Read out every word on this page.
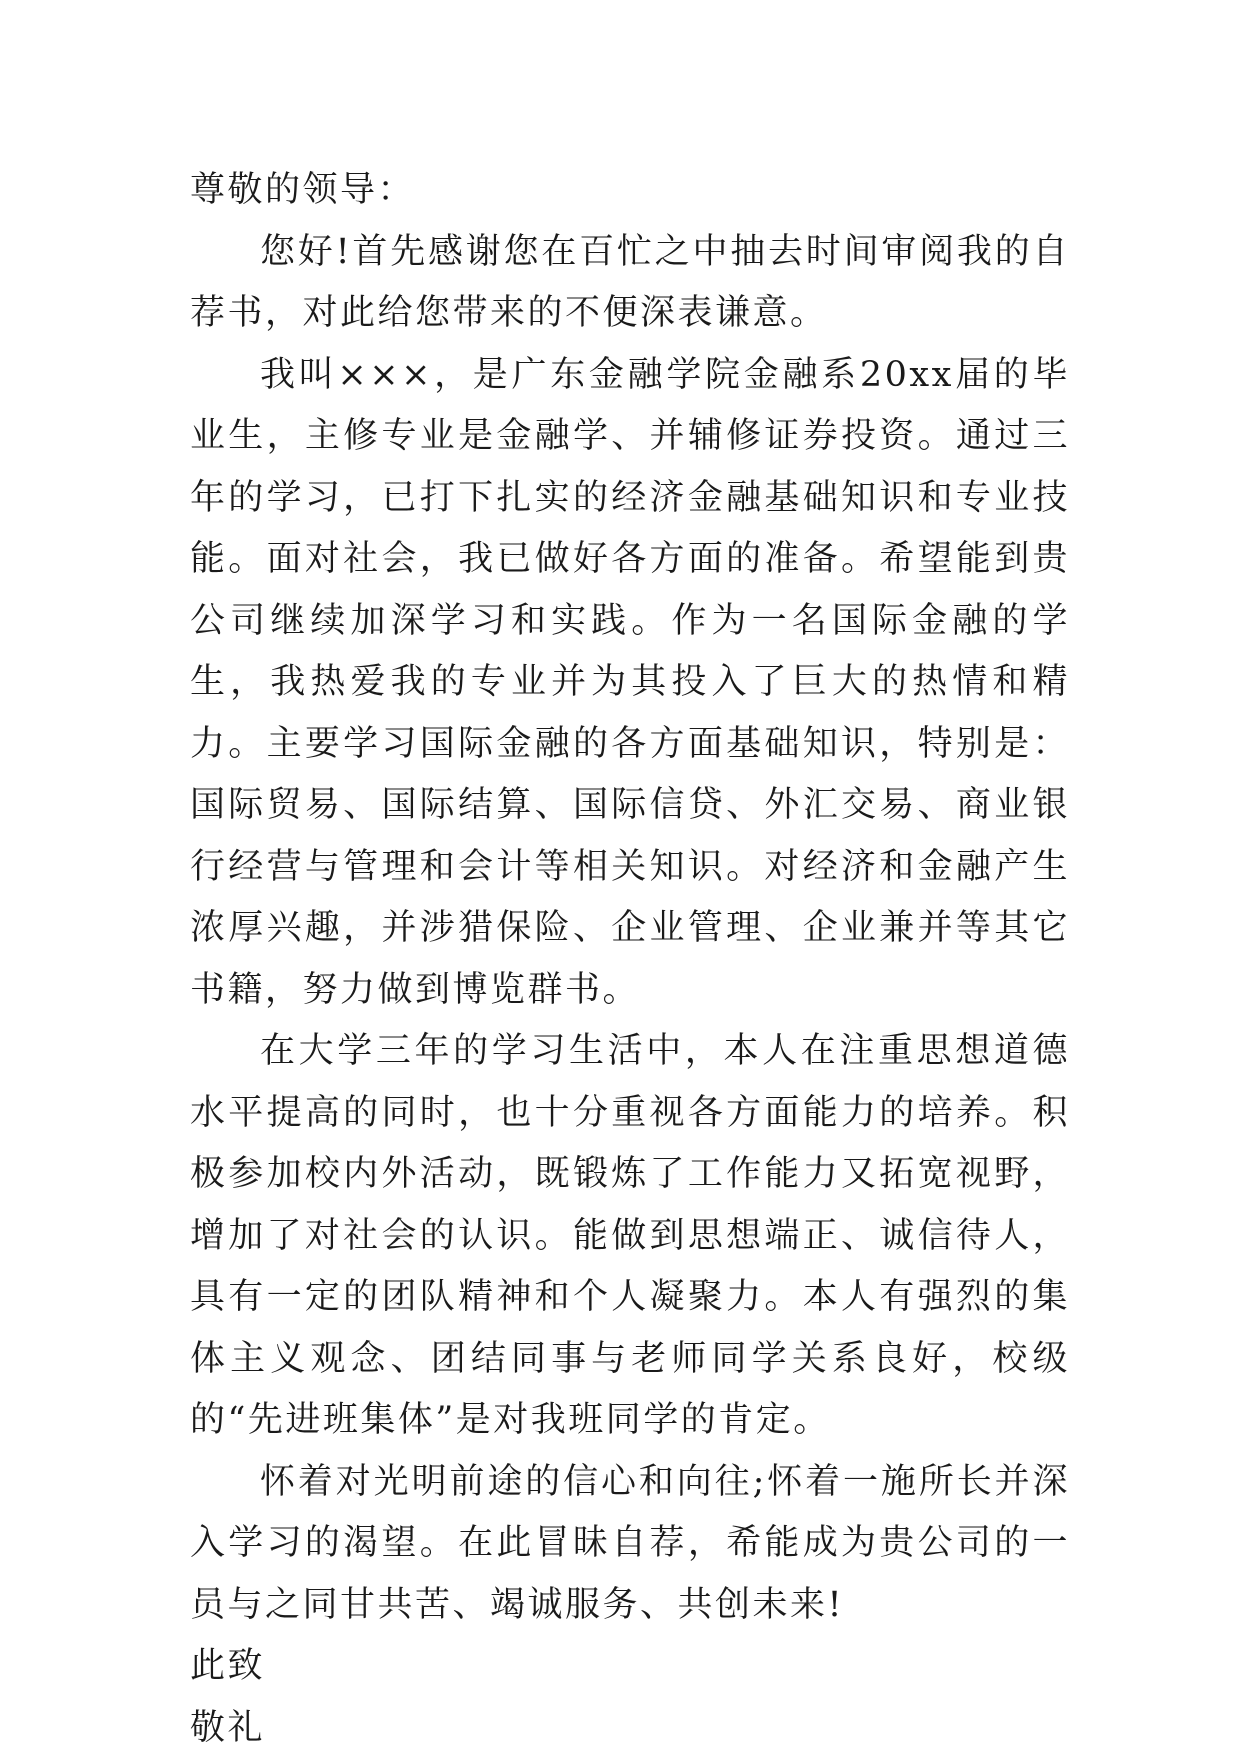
尊敬的领导：

您好!首先感谢您在百忙之中抽去时间审阅我的自荐书，对此给您带来的不便深表谦意。

我叫×××，是广东金融学院金融系20xx届的毕业生，主修专业是金融学、并辅修证券投资。通过三年的学习，已打下扎实的经济金融基础知识和专业技能。面对社会，我已做好各方面的准备。希望能到贵公司继续加深学习和实践。作为一名国际金融的学生，我热爱我的专业并为其投入了巨大的热情和精力。主要学习国际金融的各方面基础知识，特别是：国际贸易、国际结算、国际信贷、外汇交易、商业银行经营与管理和会计等相关知识。对经济和金融产生浓厚兴趣，并涉猎保险、企业管理、企业兼并等其它书籍，努力做到博览群书。

在大学三年的学习生活中，本人在注重思想道德水平提高的同时，也十分重视各方面能力的培养。积极参加校内外活动，既锻炼了工作能力又拓宽视野，增加了对社会的认识。能做到思想端正、诚信待人，具有一定的团队精神和个人凝聚力。本人有强烈的集体主义观念、团结同事与老师同学关系良好，校级的“先进班集体”是对我班同学的肯定。

怀着对光明前途的信心和向往;怀着一施所长并深入学习的渴望。在此冒昧自荐，希能成为贵公司的一员与之同甘共苦、竭诚服务、共创未来!

此致

敬礼
